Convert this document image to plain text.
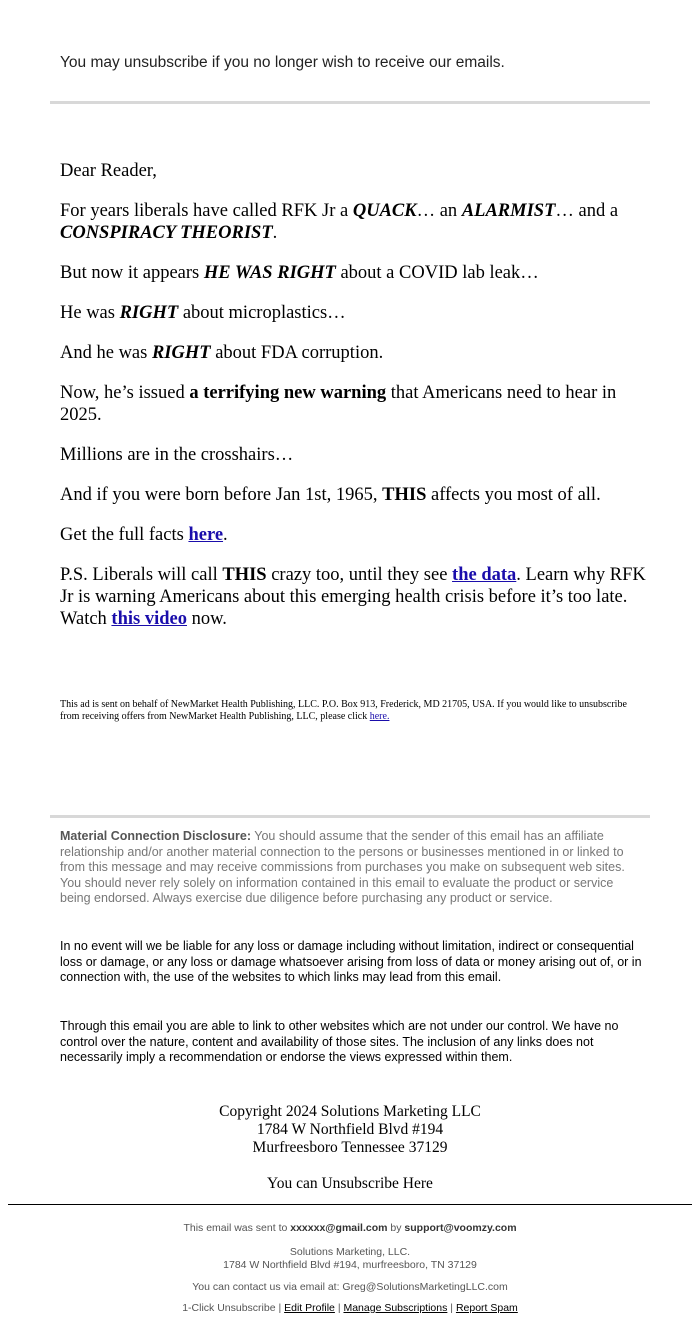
You may unsubscribe if you no longer wish to receive our emails.

Dear Reader,

For years liberals have called RFK Jr a QUACK… an ALARMIST… and a CONSPIRACY THEORIST.

But now it appears HE WAS RIGHT about a COVID lab leak…

He was RIGHT about microplastics…

And he was RIGHT about FDA corruption.

Now, he’s issued a terrifying new warning that Americans need to hear in 2025.

Millions are in the crosshairs…

And if you were born before Jan 1st, 1965, THIS affects you most of all.

Get the full facts here.

P.S. Liberals will call THIS crazy too, until they see the data. Learn why RFK Jr is warning Americans about this emerging health crisis before it’s too late. Watch this video now.

This ad is sent on behalf of NewMarket Health Publishing, LLC. P.O. Box 913, Frederick, MD 21705, USA. If you would like to unsubscribe from receiving offers from NewMarket Health Publishing, LLC, please click here.
Material Connection Disclosure: You should assume that the sender of this email has an affiliate relationship and/or another material connection to the persons or businesses mentioned in or linked to from this message and may receive commissions from purchases you make on subsequent web sites. You should never rely solely on information contained in this email to evaluate the product or service being endorsed. Always exercise due diligence before purchasing any product or service.
In no event will we be liable for any loss or damage including without limitation, indirect or consequential loss or damage, or any loss or damage whatsoever arising from loss of data or money arising out of, or in connection with, the use of the websites to which links may lead from this email.
Through this email you are able to link to other websites which are not under our control. We have no control over the nature, content and availability of those sites. The inclusion of any links does not necessarily imply a recommendation or endorse the views expressed within them.
Copyright 2024 Solutions Marketing LLC
1784 W Northfield Blvd #194
Murfreesboro Tennessee 37129
You can Unsubscribe Here
This email was sent to xxxxxx@gmail.com by support@voomzy.com
Solutions Marketing, LLC.
1784 W Northfield Blvd #194, murfreesboro, TN 37129
You can contact us via email at: Greg@SolutionsMarketingLLC.com
1-Click Unsubscribe | Edit Profile | Manage Subscriptions | Report Spam
